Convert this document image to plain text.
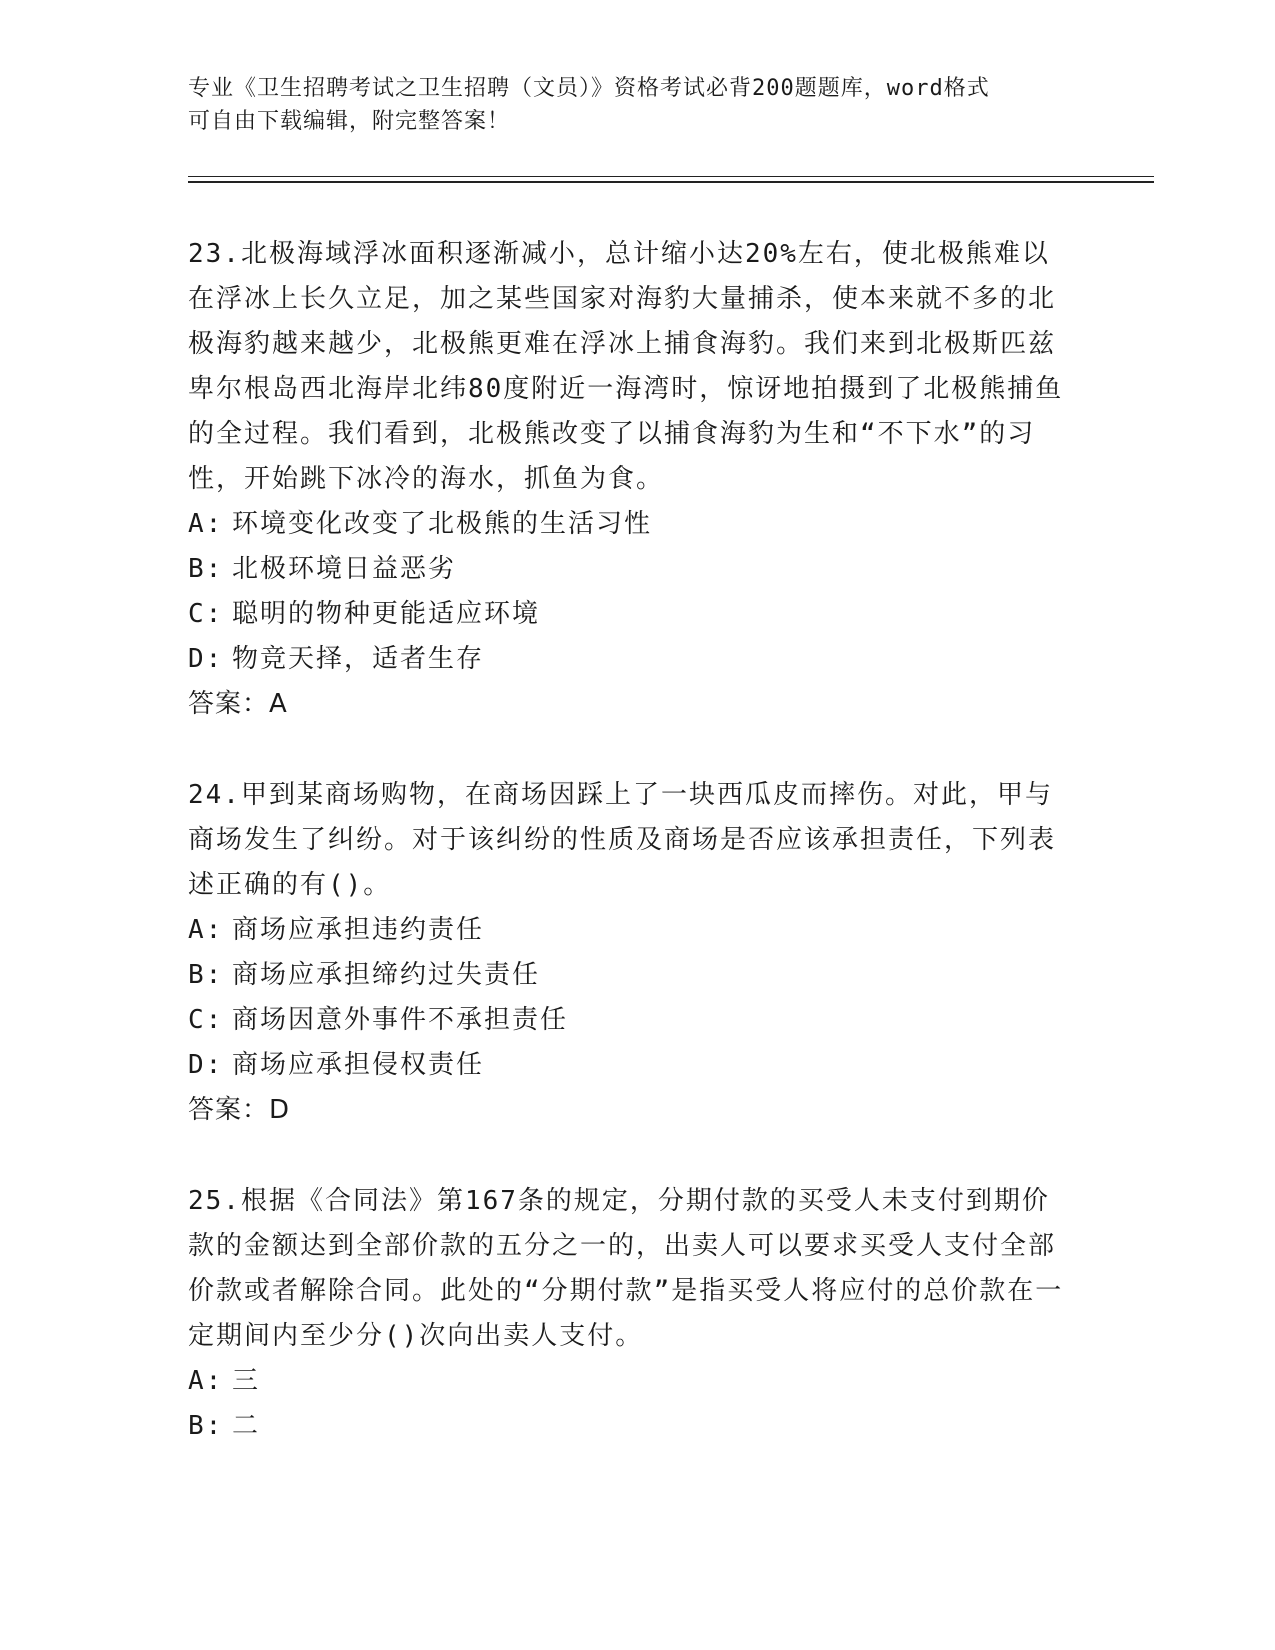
专业《卫生招聘考试之卫生招聘（文员）》资格考试必背200题题库，word格式
可自由下载编辑，附完整答案！

23.北极海域浮冰面积逐渐减小，总计缩小达20%左右，使北极熊难以在浮冰上长久立足，加之某些国家对海豹大量捕杀，使本来就不多的北极海豹越来越少，北极熊更难在浮冰上捕食海豹。我们来到北极斯匹兹卑尔根岛西北海岸北纬80度附近一海湾时，惊讶地拍摄到了北极熊捕鱼的全过程。我们看到，北极熊改变了以捕食海豹为生和“不下水”的习性，开始跳下冰冷的海水，抓鱼为食。

A: 环境变化改变了北极熊的生活习性

B: 北极环境日益恶劣

C: 聪明的物种更能适应环境

D: 物竞天择，适者生存

答案：A

24.甲到某商场购物，在商场因踩上了一块西瓜皮而摔伤。对此，甲与商场发生了纠纷。对于该纠纷的性质及商场是否应该承担责任，下列表述正确的有()。

A: 商场应承担违约责任

B: 商场应承担缔约过失责任

C: 商场因意外事件不承担责任

D: 商场应承担侵权责任

答案：D

25.根据《合同法》第167条的规定，分期付款的买受人未支付到期价款的金额达到全部价款的五分之一的，出卖人可以要求买受人支付全部价款或者解除合同。此处的“分期付款”是指买受人将应付的总价款在一定期间内至少分()次向出卖人支付。

A: 三

B: 二
